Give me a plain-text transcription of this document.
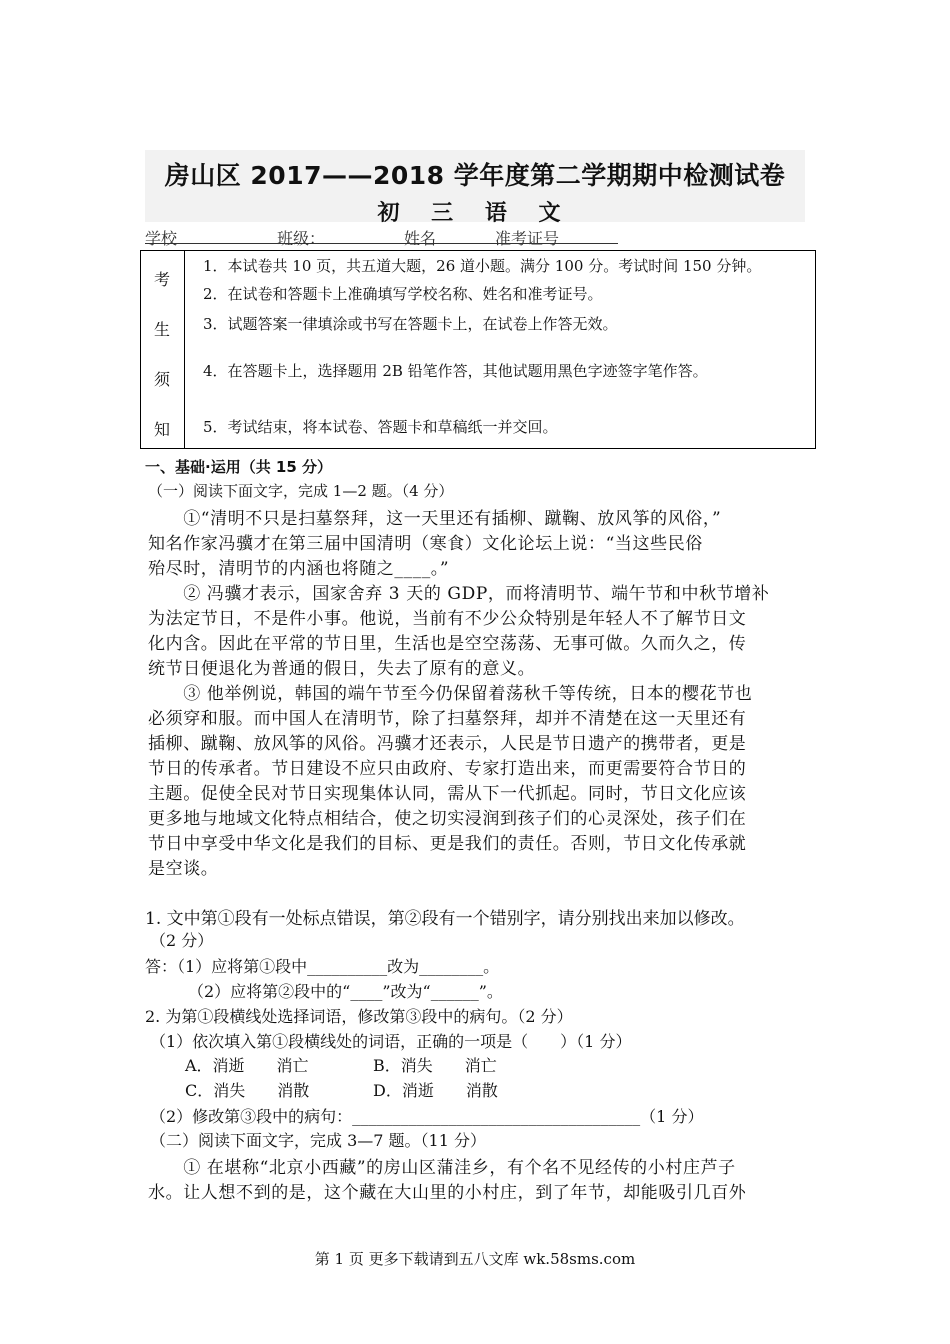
房山区 2017——2018 学年度第二学期期中检测试卷
初 三 语 文
学校	班级：	姓名	准考证号
考
生
须
知
1．本试卷共 10 页，共五道大题，26 道小题。满分 100 分。考试时间 150 分钟。
2．在试卷和答题卡上准确填写学校名称、姓名和准考证号。
3．试题答案一律填涂或书写在答题卡上，在试卷上作答无效。
4．在答题卡上，选择题用 2B 铅笔作答，其他试题用黑色字迹签字笔作答。
5．考试结束，将本试卷、答题卡和草稿纸一并交回。
一、基础·运用（共 15 分）
（一）阅读下面文字，完成 1—2 题。（4 分）
　　①“清明不只是扫墓祭拜，这一天里还有插柳、蹴鞠、放风筝的风俗，”
知名作家冯骥才在第三届中国清明（寒食）文化论坛上说：“当这些民俗
殆尽时，清明节的内涵也将随之____。”
　　② 冯骥才表示，国家舍弃 3 天的 GDP，而将清明节、端午节和中秋节增补
为法定节日，不是件小事。他说，当前有不少公众特别是年轻人不了解节日文
化内含。因此在平常的节日里，生活也是空空荡荡、无事可做。久而久之，传
统节日便退化为普通的假日，失去了原有的意义。
　　③ 他举例说，韩国的端午节至今仍保留着荡秋千等传统，日本的樱花节也
必须穿和服。而中国人在清明节，除了扫墓祭拜，却并不清楚在这一天里还有
插柳、蹴鞠、放风筝的风俗。冯骥才还表示，人民是节日遗产的携带者，更是
节日的传承者。节日建设不应只由政府、专家打造出来，而更需要符合节日的
主题。促使全民对节日实现集体认同，需从下一代抓起。同时，节日文化应该
更多地与地域文化特点相结合，使之切实浸润到孩子们的心灵深处，孩子们在
节日中享受中华文化是我们的目标、更是我们的责任。否则，节日文化传承就
是空谈。
1. 文中第①段有一处标点错误，第②段有一个错别字，请分别找出来加以修改。
（2 分）
答：（1）应将第①段中__________改为________。
（2）应将第②段中的“____”改为“______”。
2. 为第①段横线处选择词语，修改第③段中的病句。（2 分）
（1）依次填入第①段横线处的词语，正确的一项是（　　）（1 分）
A．消逝　　消亡	B．消失　　消亡
C．消失　　消散	D．消逝　　消散
（2）修改第③段中的病句：____________________________________（1 分）
（二）阅读下面文字，完成 3—7 题。（11 分）
　　① 在堪称“北京小西藏”的房山区蒲洼乡，有个名不见经传的小村庄芦子
水。让人想不到的是，这个藏在大山里的小村庄，到了年节，却能吸引几百外
第 1 页 更多下载请到五八文库 wk.58sms.com
